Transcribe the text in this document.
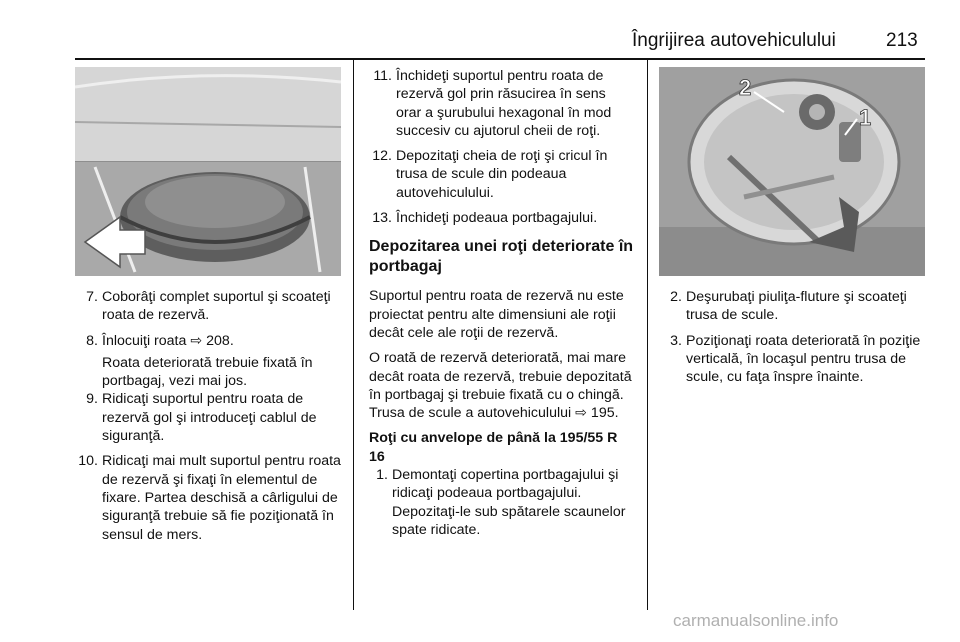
Îngrijirea autovehiculului	213
2
1
7. Coborâţi complet suportul şi scoateţi roata de rezervă.

8. Înlocuiţi roata ⇨ 208.

Roata deteriorată trebuie fixată în portbagaj, vezi mai jos.

9. Ridicaţi suportul pentru roata de rezervă gol şi introduceţi cablul de siguranţă.

10. Ridicaţi mai mult suportul pentru roata de rezervă şi fixaţi în elementul de fixare. Partea deschisă a cârligului de siguranţă trebuie să fie poziţionată în sensul de mers.

11. Închideţi suportul pentru roata de rezervă gol prin răsucirea în sens orar a şurubului hexagonal în mod succesiv cu ajutorul cheii de roţi.

12. Depozitaţi cheia de roţi şi cricul în trusa de scule din podeaua autovehiculului.

13. Închideţi podeaua portbagajului.

Depozitarea unei roţi deteriorate în portbagaj

Suportul pentru roata de rezervă nu este proiectat pentru alte dimensiuni ale roţii decât cele ale roţii de rezervă.

O roată de rezervă deteriorată, mai mare decât roata de rezervă, trebuie depozitată în portbagaj şi trebuie fixată cu o chingă. Trusa de scule a autovehiculului ⇨ 195.

Roţi cu anvelope de până la 195/55 R 16

1. Demontaţi copertina portbagajului şi ridicaţi podeaua portbagajului. Depozitaţi-le sub spătarele scaunelor spate ridicate.

2. Deşurubaţi piuliţa-fluture şi scoateţi trusa de scule.

3. Poziţionaţi roata deteriorată în poziţie verticală, în locaşul pentru trusa de scule, cu faţa înspre înainte.

carmanualsonline.info
